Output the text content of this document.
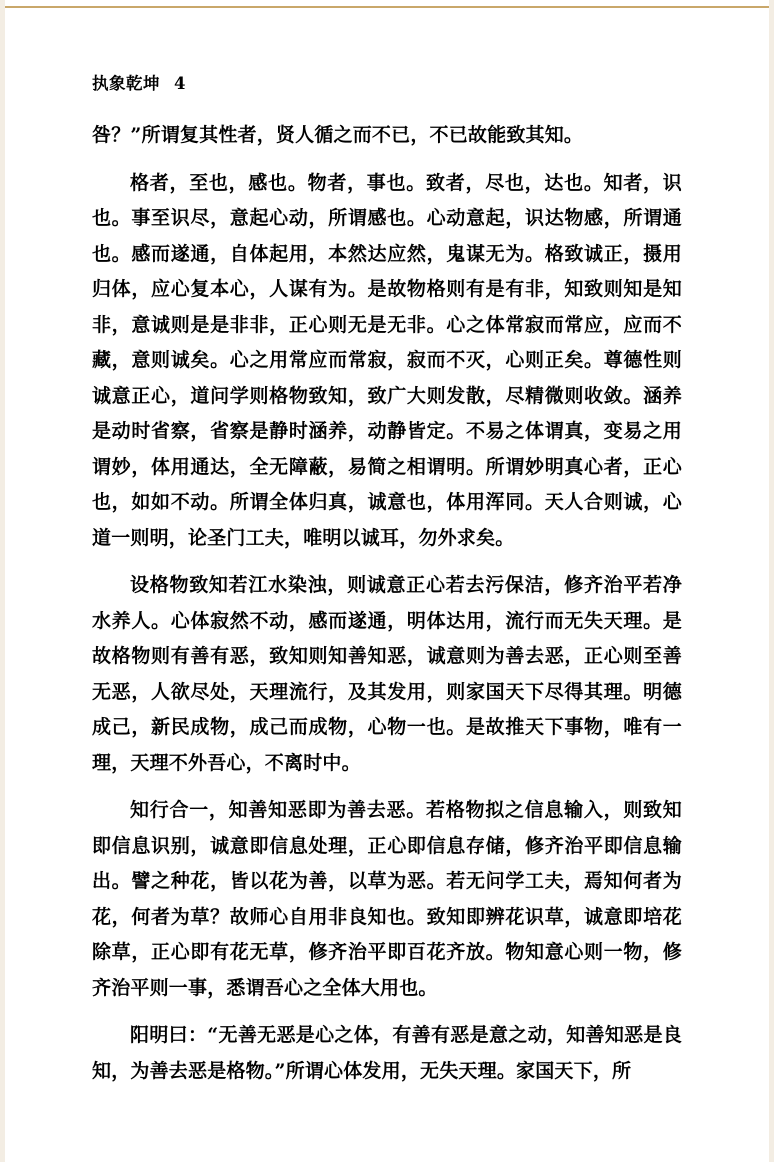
执象乾坤 4

咎？”所谓复其性者，贤人循之而不已，不已故能致其知。

格者，至也，感也。物者，事也。致者，尽也，达也。知者，识也。事至识尽，意起心动，所谓感也。心动意起，识达物感，所谓通也。感而遂通，自体起用，本然达应然，鬼谋无为。格致诚正，摄用归体，应心复本心，人谋有为。是故物格则有是有非，知致则知是知非，意诚则是是非非，正心则无是无非。心之体常寂而常应，应而不藏，意则诚矣。心之用常应而常寂，寂而不灭，心则正矣。尊德性则诚意正心，道问学则格物致知，致广大则发散，尽精微则收敛。涵养是动时省察，省察是静时涵养，动静皆定。不易之体谓真，变易之用谓妙，体用通达，全无障蔽，易简之相谓明。所谓妙明真心者，正心也，如如不动。所谓全体归真，诚意也，体用浑同。天人合则诚，心道一则明，论圣门工夫，唯明以诚耳，勿外求矣。

设格物致知若江水染浊，则诚意正心若去污保洁，修齐治平若净水养人。心体寂然不动，感而遂通，明体达用，流行而无失天理。是故格物则有善有恶，致知则知善知恶，诚意则为善去恶，正心则至善无恶，人欲尽处，天理流行，及其发用，则家国天下尽得其理。明德成己，新民成物，成己而成物，心物一也。是故推天下事物，唯有一理，天理不外吾心，不离时中。

知行合一，知善知恶即为善去恶。若格物拟之信息输入，则致知即信息识别，诚意即信息处理，正心即信息存储，修齐治平即信息输出。譬之种花，皆以花为善，以草为恶。若无问学工夫，焉知何者为花，何者为草？故师心自用非良知也。致知即辨花识草，诚意即培花除草，正心即有花无草，修齐治平即百花齐放。物知意心则一物，修齐治平则一事，悉谓吾心之全体大用也。

阳明曰：“无善无恶是心之体，有善有恶是意之动，知善知恶是良知，为善去恶是格物。”所谓心体发用，无失天理。家国天下，所
